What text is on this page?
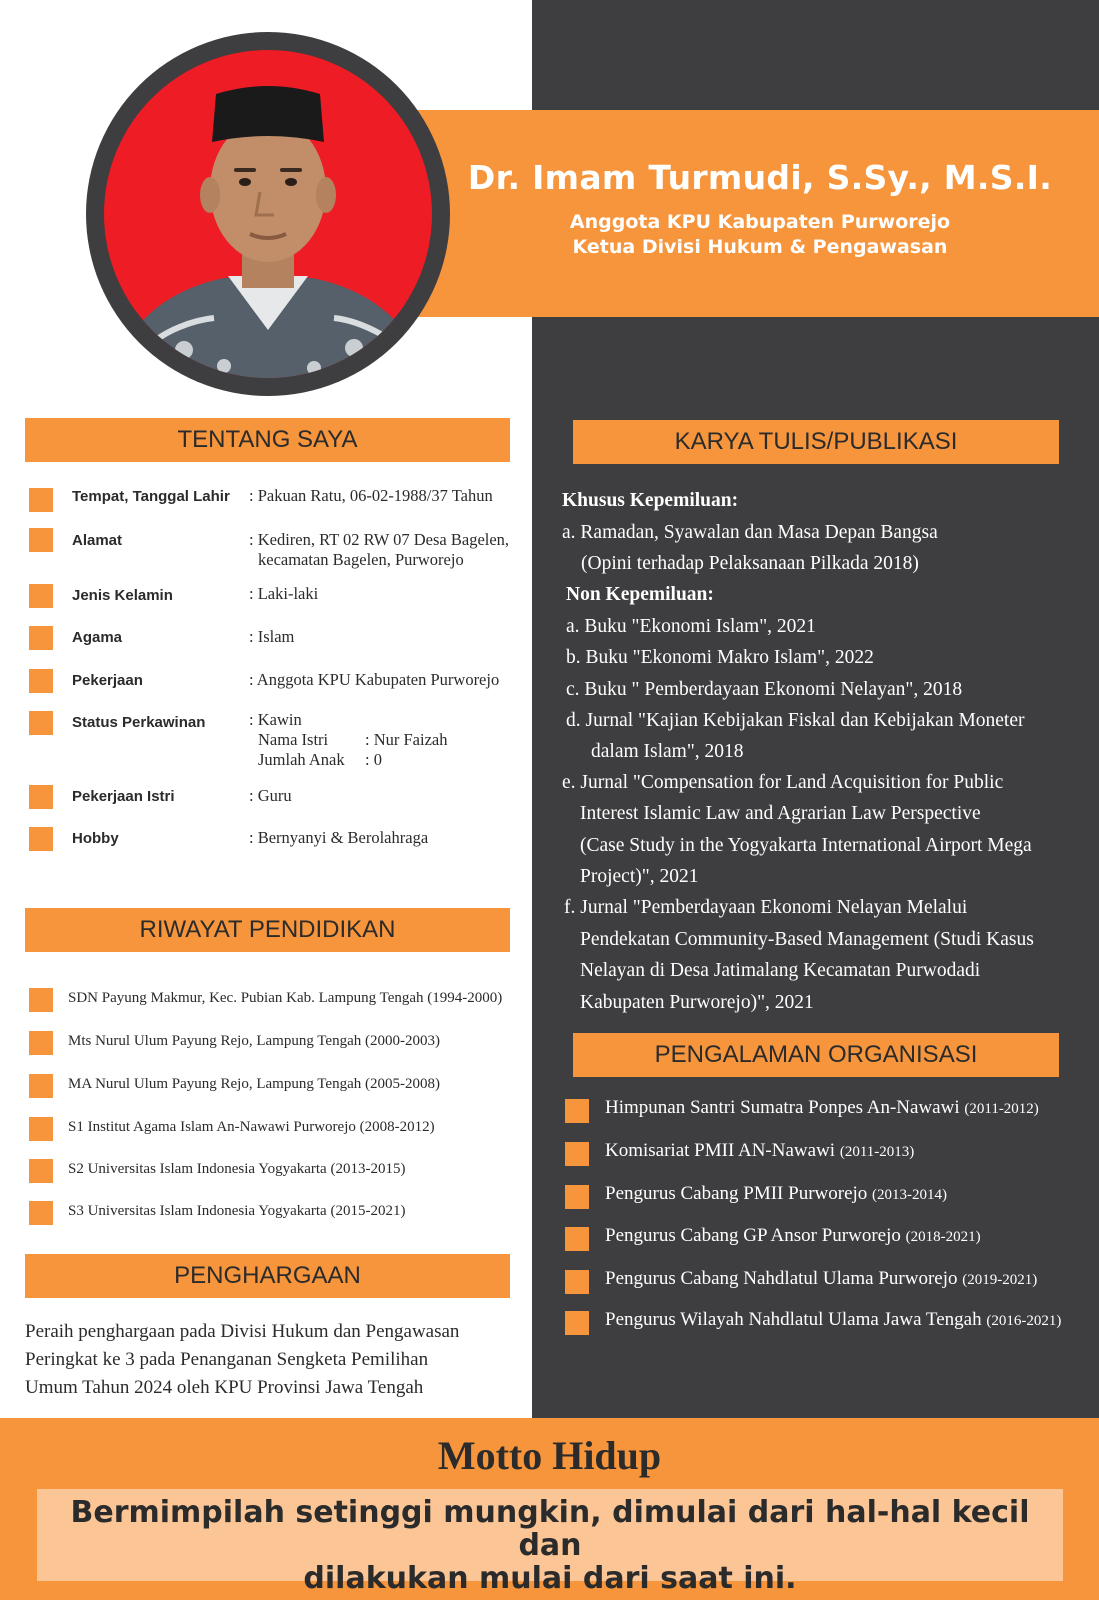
Dr. Imam Turmudi, S.Sy., M.S.I.
Anggota KPU Kabupaten Purworejo
Ketua Divisi Hukum & Pengawasan
TENTANG SAYA
Tempat, Tanggal Lahir : Pakuan Ratu, 06-02-1988/37 Tahun
Alamat	: Kediren, RT 02 RW 07 Desa Bagelen,
kecamatan Bagelen, Purworejo
Jenis Kelamin	: Laki-laki
Agama	: Islam
Pekerjaan	: Anggota KPU Kabupaten Purworejo
Status Perkawinan	: Kawin
Nama Istri : Nur Faizah
Jumlah Anak : 0
Pekerjaan Istri	: Guru
Hobby	: Bernyanyi & Berolahraga
RIWAYAT PENDIDIKAN
SDN Payung Makmur, Kec. Pubian Kab. Lampung Tengah (1994-2000)
Mts Nurul Ulum Payung Rejo, Lampung Tengah (2000-2003)
MA Nurul Ulum Payung Rejo, Lampung Tengah (2005-2008)
S1 Institut Agama Islam An-Nawawi Purworejo (2008-2012)
S2 Universitas Islam Indonesia Yogyakarta (2013-2015)
S3 Universitas Islam Indonesia Yogyakarta (2015-2021)
PENGHARGAAN
Peraih penghargaan pada Divisi Hukum dan Pengawasan
Peringkat ke 3 pada Penanganan Sengketa Pemilihan
Umum Tahun 2024 oleh KPU Provinsi Jawa Tengah
KARYA TULIS/PUBLIKASI
Khusus Kepemiluan:
a. Ramadan, Syawalan dan Masa Depan Bangsa
(Opini terhadap Pelaksanaan Pilkada 2018)
Non Kepemiluan:
a. Buku "Ekonomi Islam", 2021
b. Buku "Ekonomi Makro Islam", 2022
c. Buku " Pemberdayaan Ekonomi Nelayan", 2018
d. Jurnal "Kajian Kebijakan Fiskal dan Kebijakan Moneter
dalam Islam", 2018
e. Jurnal "Compensation for Land Acquisition for Public
Interest Islamic Law and Agrarian Law Perspective
(Case Study in the Yogyakarta International Airport Mega
Project)", 2021
f. Jurnal "Pemberdayaan Ekonomi Nelayan Melalui
Pendekatan Community-Based Management (Studi Kasus
Nelayan di Desa Jatimalang Kecamatan Purwodadi
Kabupaten Purworejo)", 2021
PENGALAMAN ORGANISASI
Himpunan Santri Sumatra Ponpes An-Nawawi (2011-2012)
Komisariat PMII AN-Nawawi (2011-2013)
Pengurus Cabang PMII Purworejo (2013-2014)
Pengurus Cabang GP Ansor Purworejo (2018-2021)
Pengurus Cabang Nahdlatul Ulama Purworejo (2019-2021)
Pengurus Wilayah Nahdlatul Ulama Jawa Tengah (2016-2021)
Motto Hidup
Bermimpilah setinggi mungkin, dimulai dari hal-hal kecil dan
dilakukan mulai dari saat ini.
